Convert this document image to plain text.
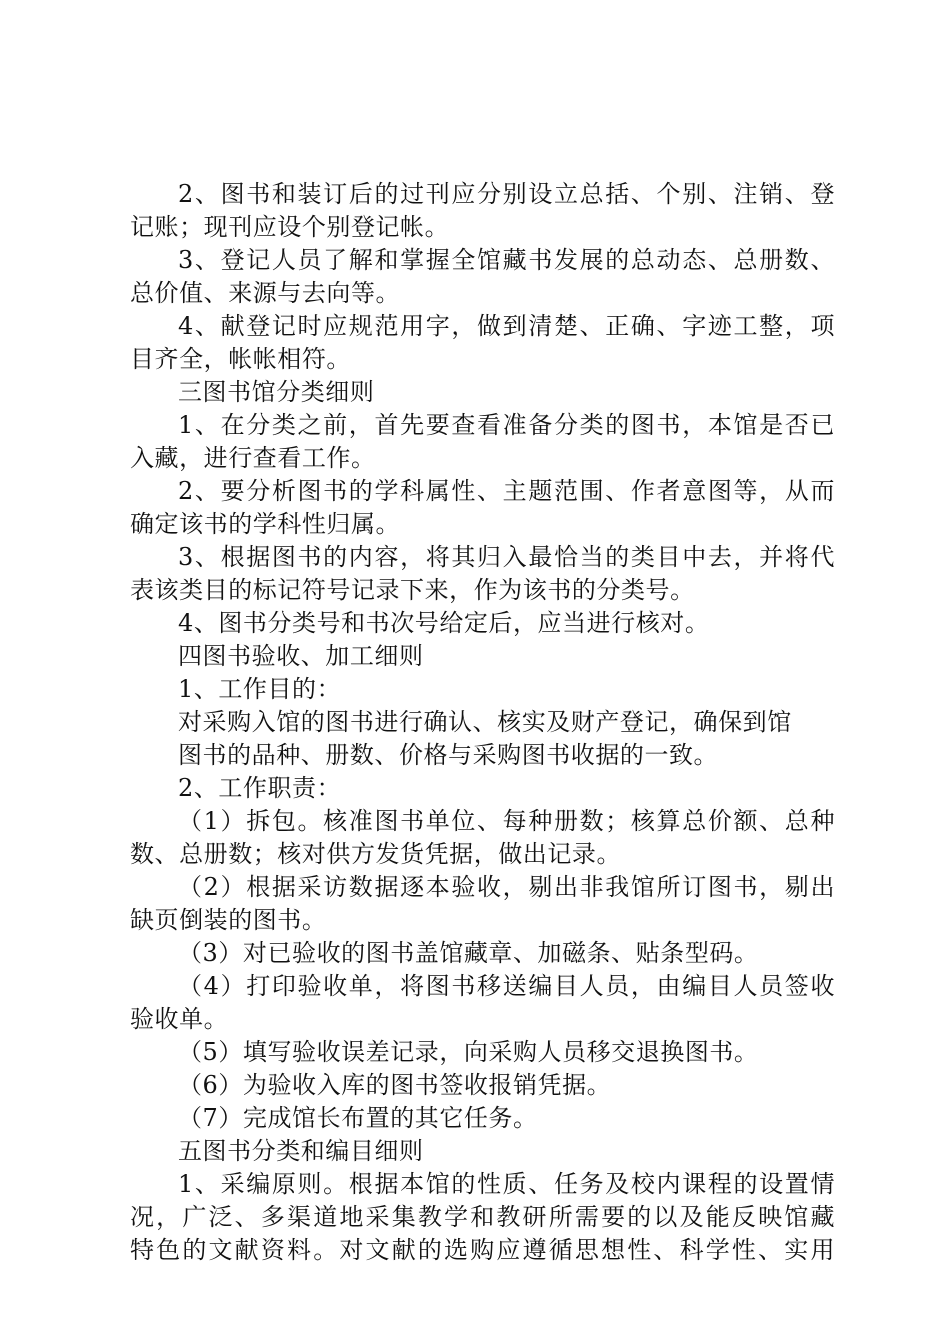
2、图书和装订后的过刊应分别设立总括、个别、注销、登
记账；现刊应设个别登记帐。
3、登记人员了解和掌握全馆藏书发展的总动态、总册数、
总价值、来源与去向等。
4、献登记时应规范用字，做到清楚、正确、字迹工整，项
目齐全，帐帐相符。
三图书馆分类细则
1、在分类之前，首先要查看准备分类的图书，本馆是否已
入藏，进行查看工作。
2、要分析图书的学科属性、主题范围、作者意图等，从而
确定该书的学科性归属。
3、根据图书的内容，将其归入最恰当的类目中去，并将代
表该类目的标记符号记录下来，作为该书的分类号。
4、图书分类号和书次号给定后，应当进行核对。
四图书验收、加工细则
1、工作目的：
对采购入馆的图书进行确认、核实及财产登记，确保到馆
图书的品种、册数、价格与采购图书收据的一致。
2、工作职责：
（1）拆包。核准图书单位、每种册数；核算总价额、总种
数、总册数；核对供方发货凭据，做出记录。
（2）根据采访数据逐本验收，剔出非我馆所订图书，剔出
缺页倒装的图书。
（3）对已验收的图书盖馆藏章、加磁条、贴条型码。
（4）打印验收单，将图书移送编目人员，由编目人员签收
验收单。
（5）填写验收误差记录，向采购人员移交退换图书。
（6）为验收入库的图书签收报销凭据。
（7）完成馆长布置的其它任务。
五图书分类和编目细则
1、采编原则。根据本馆的性质、任务及校内课程的设置情
况，广泛、多渠道地采集教学和教研所需要的以及能反映馆藏
特色的文献资料。对文献的选购应遵循思想性、科学性、实用
